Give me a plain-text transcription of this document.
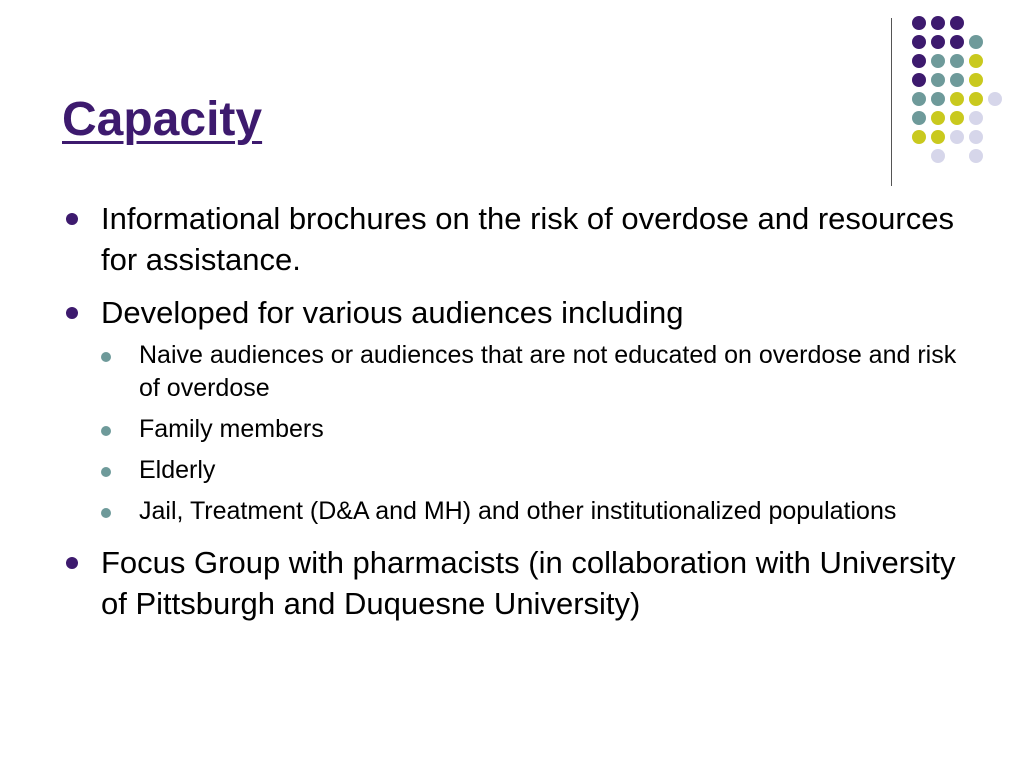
Capacity
Informational brochures on the risk of overdose and resources for assistance.
Developed for various audiences including
Naive audiences or audiences that are not educated on overdose and risk of overdose
Family members
Elderly
Jail, Treatment (D&A and MH) and other institutionalized populations
Focus Group with pharmacists (in collaboration with University of Pittsburgh and Duquesne University)
